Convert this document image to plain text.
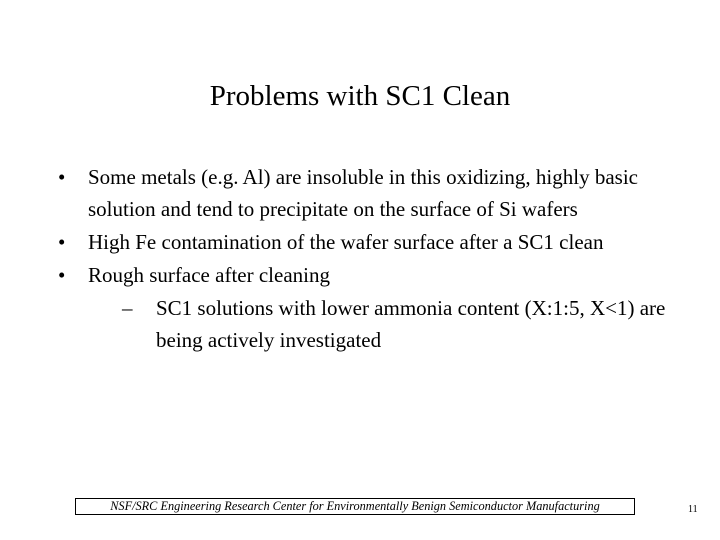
Problems with SC1 Clean
•	Some metals (e.g. Al) are insoluble in this oxidizing, highly basic solution and tend to precipitate on the surface of Si wafers
•	High Fe contamination of the wafer surface after a SC1 clean
•	Rough surface after cleaning
– SC1 solutions with lower ammonia content (X:1:5, X<1) are being actively investigated
NSF/SRC Engineering Research Center for Environmentally Benign Semiconductor Manufacturing	11
